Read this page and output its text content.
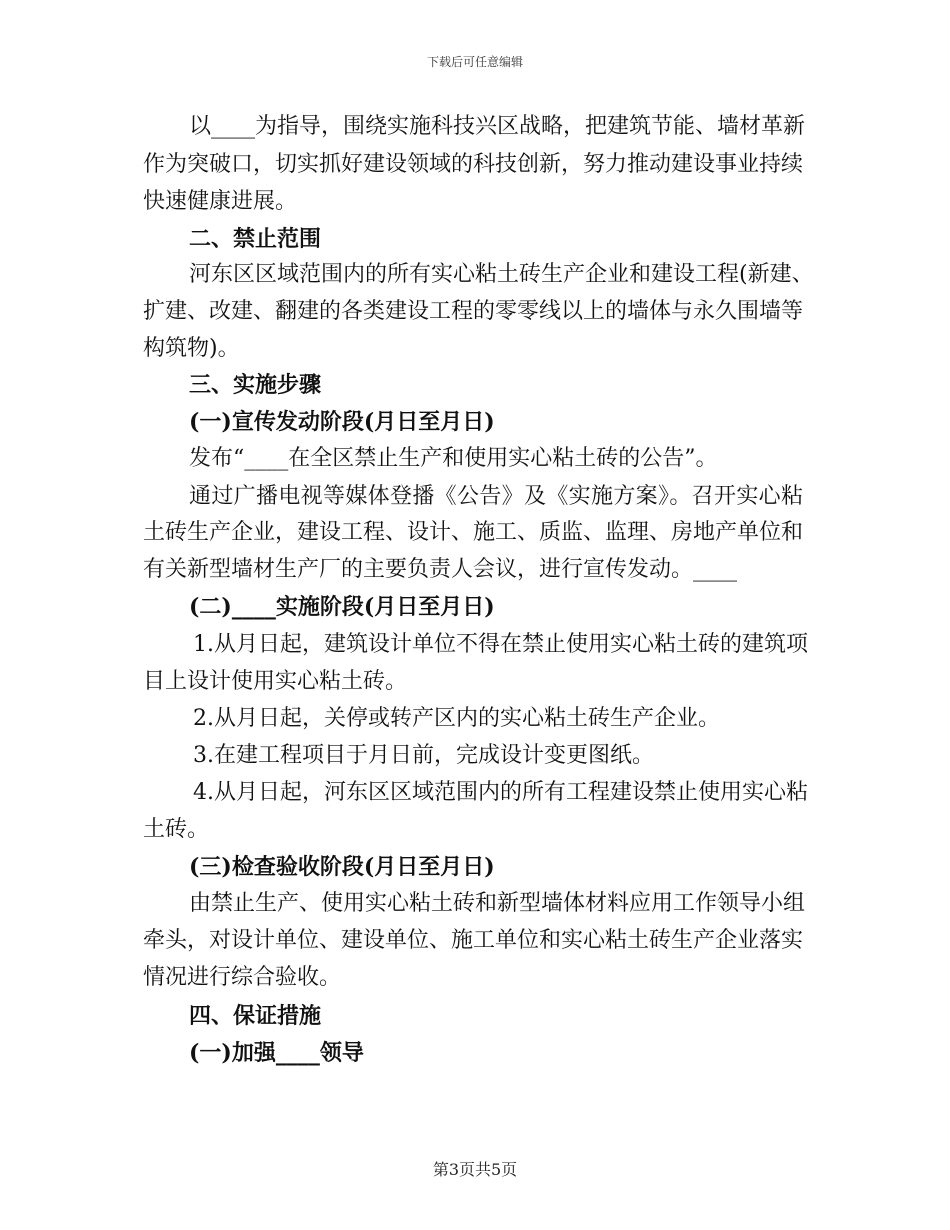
下载后可任意编辑
以____为指导，围绕实施科技兴区战略，把建筑节能、墙材革新
作为突破口，切实抓好建设领域的科技创新，努力推动建设事业持续
快速健康进展。
二、禁止范围
河东区区域范围内的所有实心粘土砖生产企业和建设工程(新建、
扩建、改建、翻建的各类建设工程的零零线以上的墙体与永久围墙等
构筑物)。
三、实施步骤
(一)宣传发动阶段(月日至月日)
发布“____在全区禁止生产和使用实心粘土砖的公告”。
通过广播电视等媒体登播《公告》及《实施方案》。召开实心粘
土砖生产企业，建设工程、设计、施工、质监、监理、房地产单位和
有关新型墙材生产厂的主要负责人会议，进行宣传发动。____
(二)____实施阶段(月日至月日)
1.从月日起，建筑设计单位不得在禁止使用实心粘土砖的建筑项
目上设计使用实心粘土砖。
2.从月日起，关停或转产区内的实心粘土砖生产企业。
3.在建工程项目于月日前，完成设计变更图纸。
4.从月日起，河东区区域范围内的所有工程建设禁止使用实心粘
土砖。
(三)检查验收阶段(月日至月日)
由禁止生产、使用实心粘土砖和新型墙体材料应用工作领导小组
牵头，对设计单位、建设单位、施工单位和实心粘土砖生产企业落实
情况进行综合验收。
四、保证措施
(一)加强____领导
第3页共5页
